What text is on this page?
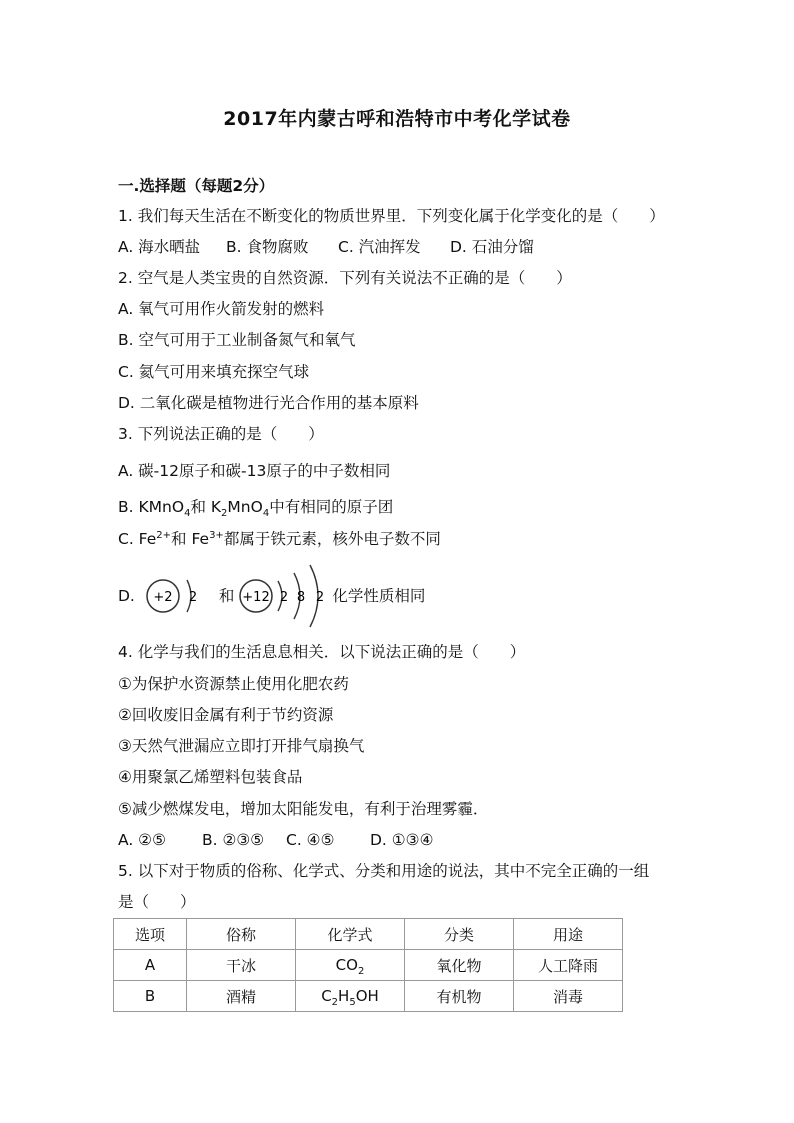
2017年内蒙古呼和浩特市中考化学试卷
一.选择题（每题2分）
1. 我们每天生活在不断变化的物质世界里．下列变化属于化学变化的是（　　）
A. 海水晒盐 B. 食物腐败 C. 汽油挥发 D. 石油分馏
2. 空气是人类宝贵的自然资源．下列有关说法不正确的是（　　）
A. 氧气可用作火箭发射的燃料
B. 空气可用于工业制备氮气和氧气
C. 氦气可用来填充探空气球
D. 二氧化碳是植物进行光合作用的基本原料
3. 下列说法正确的是（　　）
A. 碳-12原子和碳-13原子的中子数相同
B. KMnO$_4$和 $K_2MnO_4$中有相同的原子团
C. $Fe^{2+}$和 $Fe^{3+}$都属于铁元素，核外电子数不同
D. +2 2 和 +12 2 8 2 化学性质相同
4. 化学与我们的生活息息相关．以下说法正确的是（　　）
①为保护水资源禁止使用化肥农药
②回收废旧金属有利于节约资源
③天然气泄漏应立即打开排气扇换气
④用聚氯乙烯塑料包装食品
⑤减少燃煤发电，增加太阳能发电，有利于治理雾霾．
A. ②⑤ B. ②③⑤ C. ④⑤ D. ①③④
5. 以下对于物质的俗称、化学式、分类和用途的说法，其中不完全正确的一组
是（　　）
选项	俗称	化学式	分类	用途
A	干冰	$CO_2$	氧化物	人工降雨
B	酒精	$C_2H_5OH$	有机物	消毒
